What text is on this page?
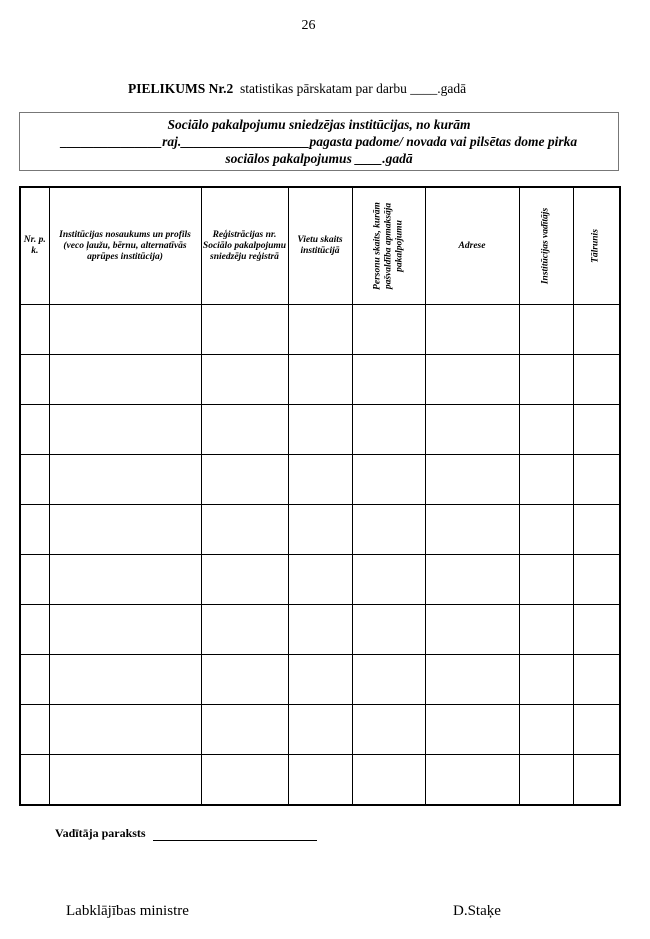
26
PIELIKUMS Nr.2 statistikas pārskatam par darbu ____.gadā
Sociālo pakalpojumu sniedzējas institūcijas, no kurām
_______________raj.___________________pagasta padome/ novada vai pilsētas dome pirka
sociālos pakalpojumus ____.gadā
Nr. p. k.	Institūcijas nosaukums un profils (veco ļaužu, bērnu, alternatīvās aprūpes institūcija)	Reģistrācijas nr. Sociālo pakalpojumu sniedzēju reģistrā	Vietu skaits institūcijā	Personu skaits, kurām pašvaldība apmaksāja pakalpojumu	Adrese	Institūcijas vadītājs	Tālrunis

Vadītāja paraksts
Labklājības ministre	D.Staķe
